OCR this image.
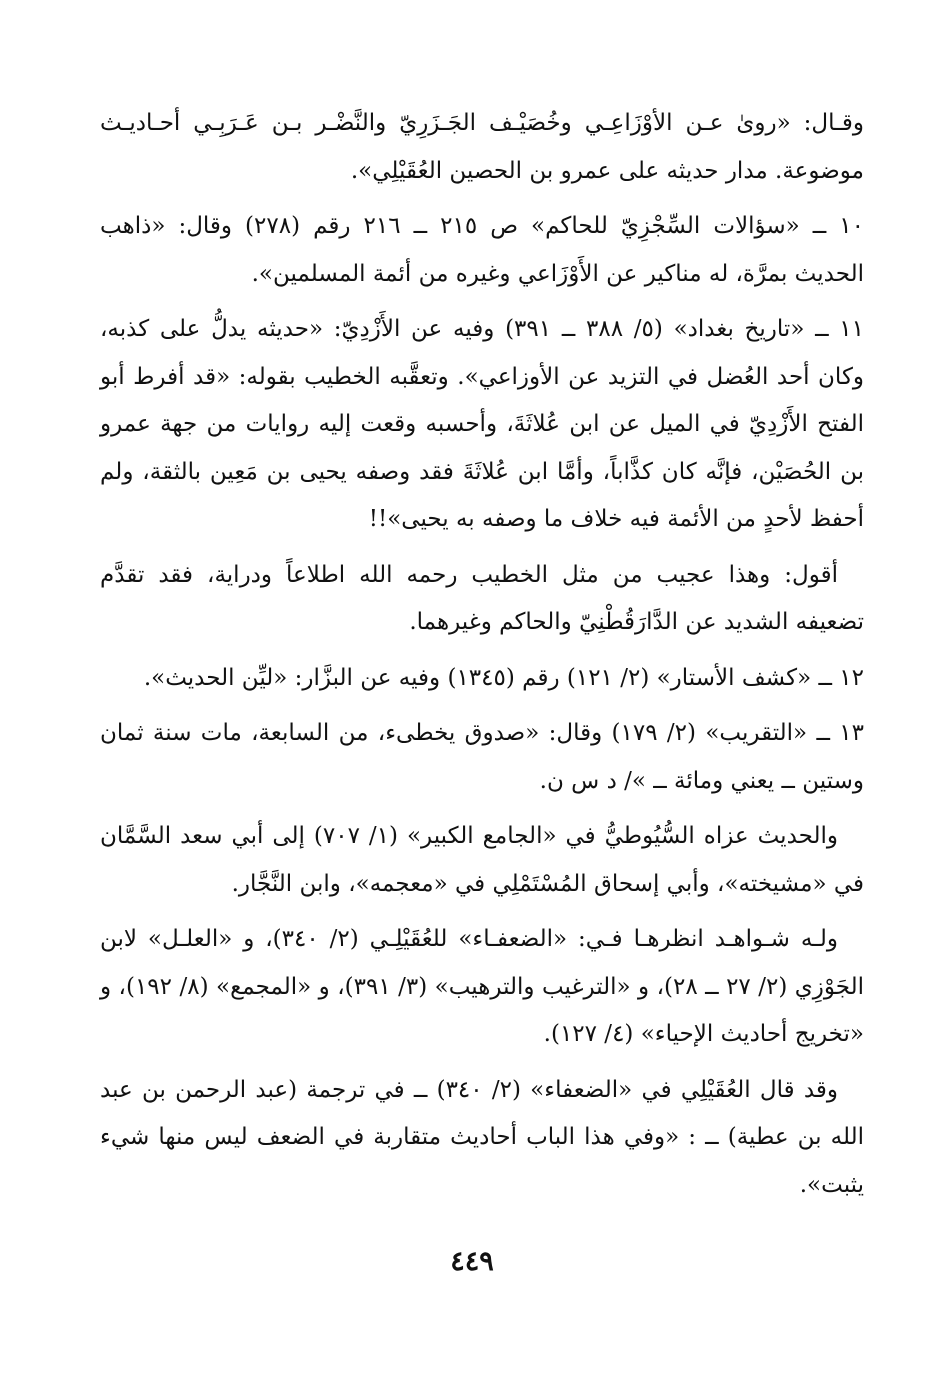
وقـال: «روىٰ عـن الأوْزَاعِـي وخُصَيْـف الجَـزَرِيّ والنَّضْـر بـن عَـرَبِـي أحـاديـث موضوعة. مدار حديثه على عمرو بن الحصين العُقَيْلِي».

١٠ ــ «سؤالات السِّجْزِيّ للحاكم» ص ٢١٥ ــ ٢١٦ رقم (٢٧٨) وقال: «ذاهب الحديث بمرَّة، له مناكير عن الأَوْزَاعي وغيره من أئمة المسلمين».

١١ ــ «تاريخ بغداد» (٥/ ٣٨٨ ــ ٣٩١) وفيه عن الأَزْدِيّ: «حديثه يدلُّ على كذبه، وكان أحد العُضل في التزيد عن الأوزاعي». وتعقَّبه الخطيب بقوله: «قد أفرط أبو الفتح الأَزْدِيّ في الميل عن ابن عُلاثَةَ، وأحسبه وقعت إليه روايات من جهة عمرو بن الحُصَيْن، فإنَّه كان كذَّاباً، وأمَّا ابن عُلاثَةَ فقد وصفه يحيى بن مَعِين بالثقة، ولم أحفظ لأحدٍ من الأئمة فيه خلاف ما وصفه به يحيى»!!

أقول: وهذا عجيب من مثل الخطيب رحمه الله اطلاعاً ودراية، فقد تقدَّم تضعيفه الشديد عن الدَّارَقُطْنِيّ والحاكم وغيرهما.

١٢ ــ «كشف الأستار» (٢/ ١٢١) رقم (١٣٤٥) وفيه عن البزَّار: «ليِّن الحديث».

١٣ ــ «التقريب» (٢/ ١٧٩) وقال: «صدوق يخطىء، من السابعة، مات سنة ثمان وستين ــ يعني ومائة ــ »/ د س ن.

والحديث عزاه السُّيُوطيُّ في «الجامع الكبير» (١/ ٧٠٧) إلى أبي سعد السَّمَّان في «مشيخته»، وأبي إسحاق المُسْتَمْلِي في «معجمه»، وابن النَّجَّار.

ولـه شـواهـد انظرهـا فـي: «الضعفـاء» للعُقَيْلِـي (٢/ ٣٤٠)، و «العلـل» لابن الجَوْزِي (٢/ ٢٧ ــ ٢٨)، و «الترغيب والترهيب» (٣/ ٣٩١)، و «المجمع» (٨/ ١٩٢)، و «تخريج أحاديث الإحياء» (٤/ ١٢٧).

وقد قال العُقَيْلِي في «الضعفاء» (٢/ ٣٤٠) ــ في ترجمة (عبد الرحمن بن عبد الله بن عطية) ــ : «وفي هذا الباب أحاديث متقاربة في الضعف ليس منها شيء يثبت».

٤٤٩
